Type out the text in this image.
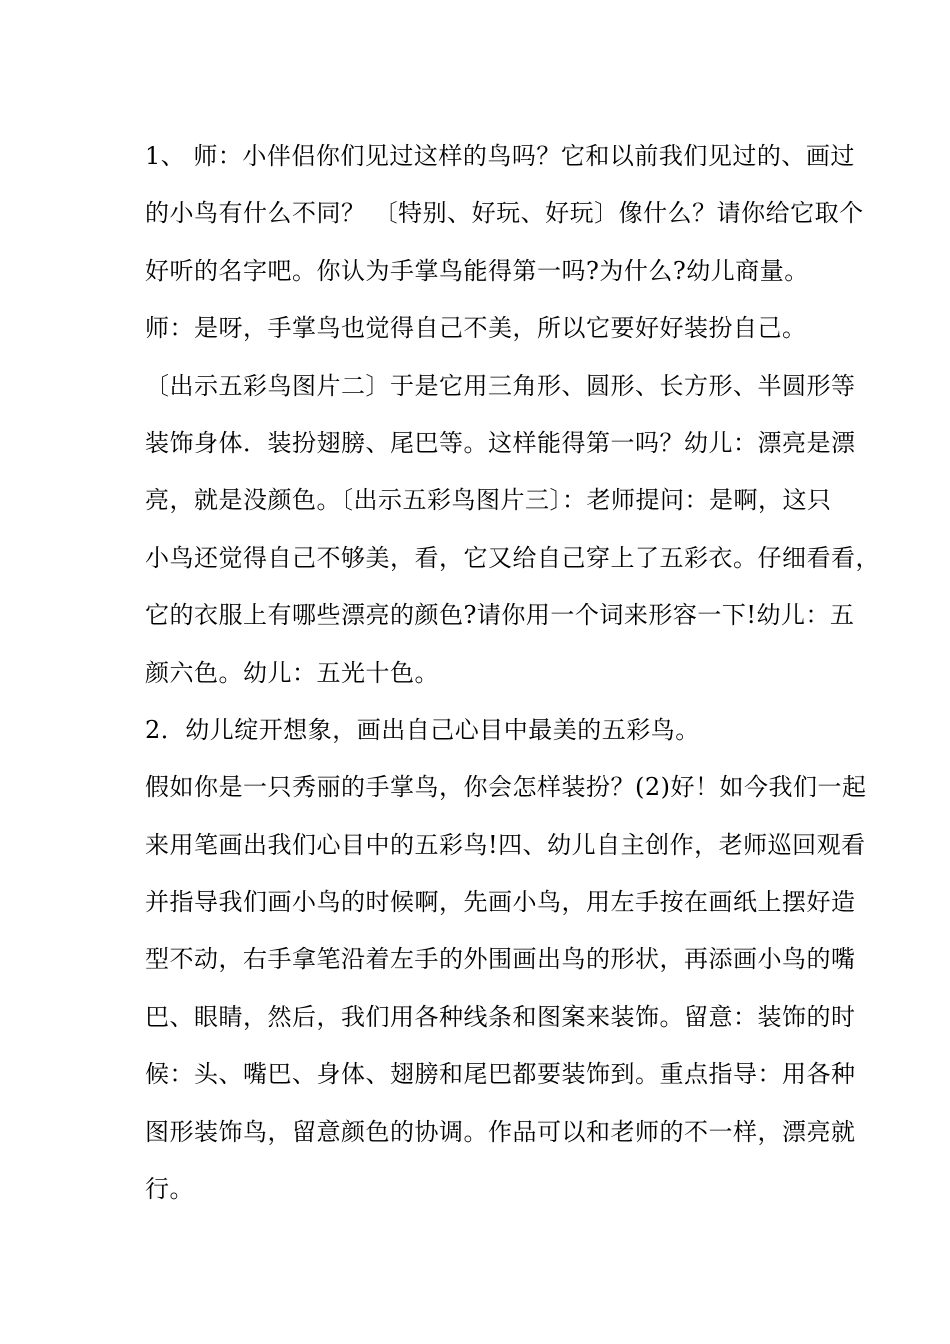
1、 师：小伴侣你们见过这样的鸟吗？它和以前我们见过的、画过
的小鸟有什么不同？ 〔特别、好玩、好玩〕像什么？请你给它取个
好听的名字吧。你认为手掌鸟能得第一吗?为什么?幼儿商量。
师：是呀，手掌鸟也觉得自己不美，所以它要好好装扮自己。
〔出示五彩鸟图片二〕于是它用三角形、圆形、长方形、半圆形等
装饰身体．装扮翅膀、尾巴等。这样能得第一吗？幼儿：漂亮是漂
亮，就是没颜色。〔出示五彩鸟图片三〕：老师提问：是啊，这只
小鸟还觉得自己不够美，看，它又给自己穿上了五彩衣。仔细看看，
它的衣服上有哪些漂亮的颜色?请你用一个词来形容一下!幼儿：五
颜六色。幼儿：五光十色。
2．幼儿绽开想象，画出自己心目中最美的五彩鸟。
假如你是一只秀丽的手掌鸟，你会怎样装扮？(2)好！如今我们一起
来用笔画出我们心目中的五彩鸟!四、幼儿自主创作，老师巡回观看
并指导我们画小鸟的时候啊，先画小鸟，用左手按在画纸上摆好造
型不动，右手拿笔沿着左手的外围画出鸟的形状，再添画小鸟的嘴
巴、眼睛，然后，我们用各种线条和图案来装饰。留意：装饰的时
候：头、嘴巴、身体、翅膀和尾巴都要装饰到。重点指导：用各种
图形装饰鸟，留意颜色的协调。作品可以和老师的不一样，漂亮就
行。
